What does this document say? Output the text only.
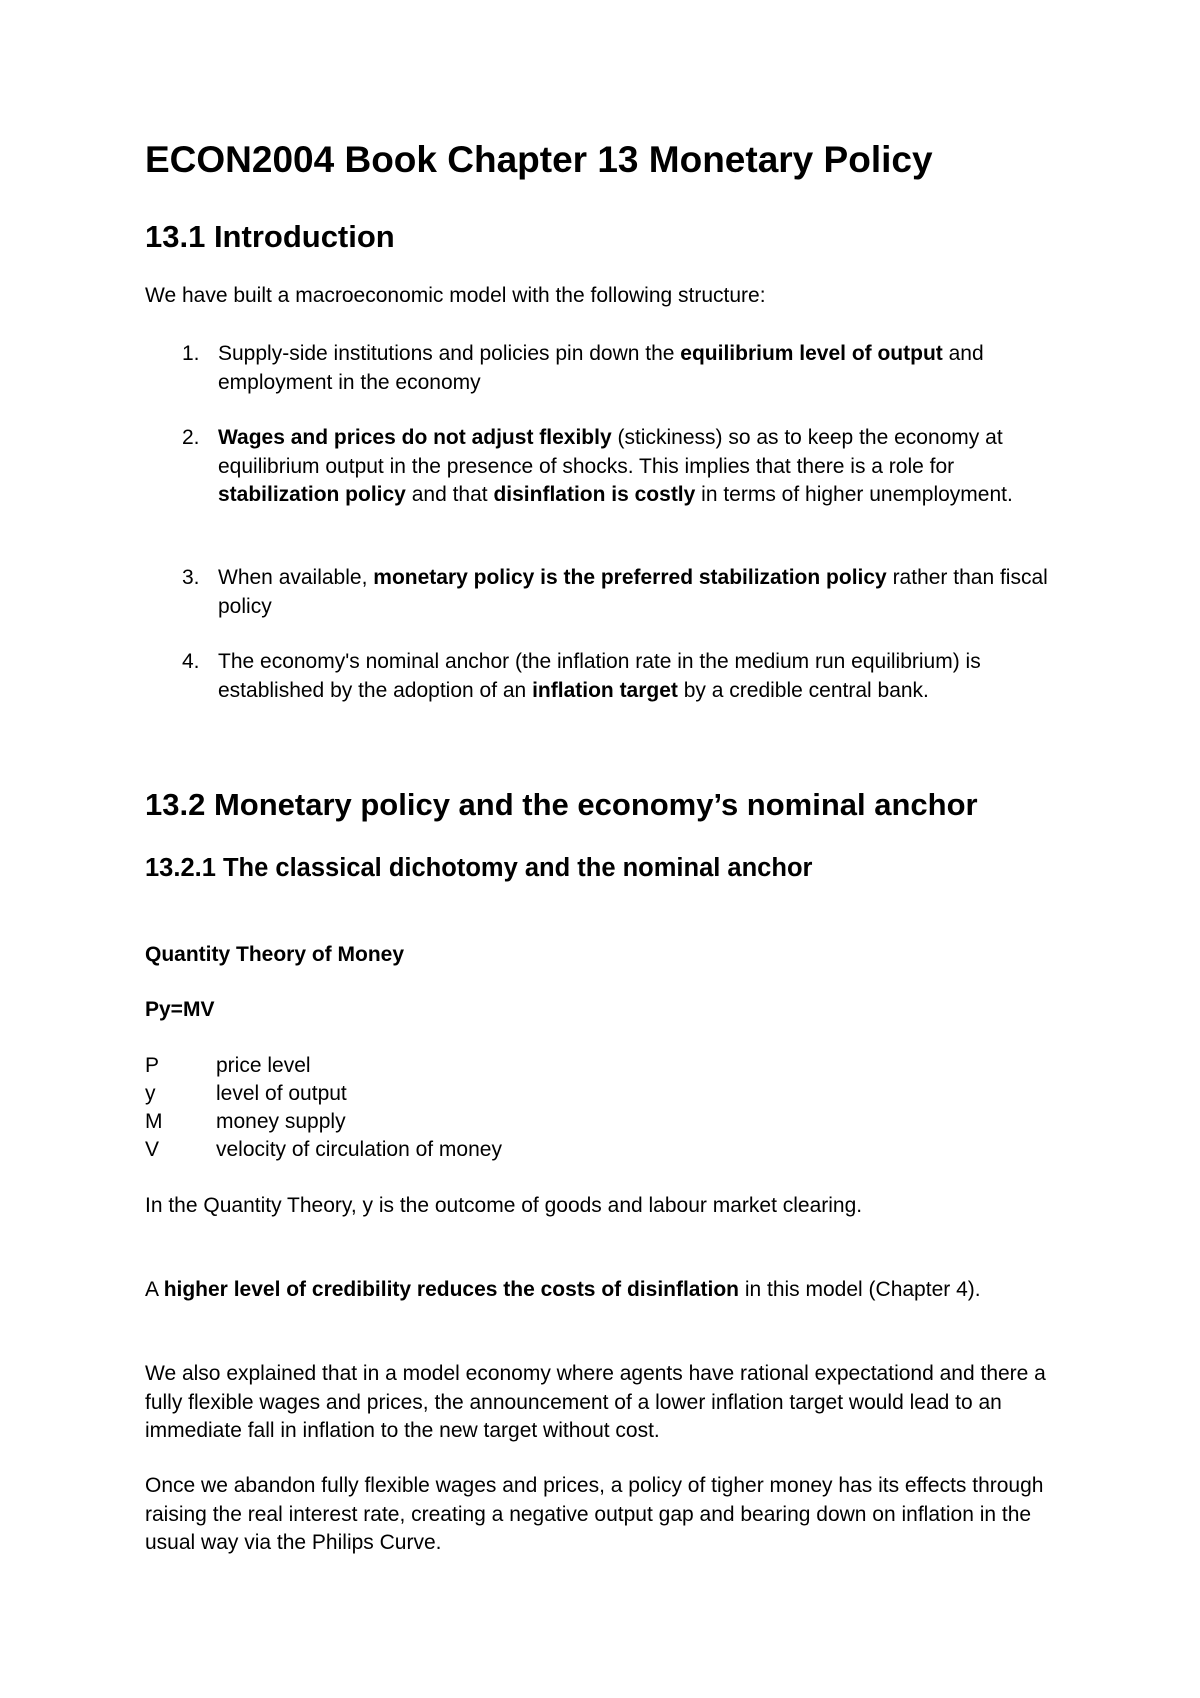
ECON2004 Book Chapter 13 Monetary Policy
13.1 Introduction

We have built a macroeconomic model with the following structure:

1. Supply-side institutions and policies pin down the equilibrium level of output and employment in the economy
2. Wages and prices do not adjust flexibly (stickiness) so as to keep the economy at equilibrium output in the presence of shocks. This implies that there is a role for stabilization policy and that disinflation is costly in terms of higher unemployment.
3. When available, monetary policy is the preferred stabilization policy rather than fiscal policy
4. The economy's nominal anchor (the inflation rate in the medium run equilibrium) is established by the adoption of an inflation target by a credible central bank.
13.2 Monetary policy and the economy’s nominal anchor
13.2.1 The classical dichotomy and the nominal anchor

Quantity Theory of Money

Py=MV

P	price level
y	level of output
M	money supply
V	velocity of circulation of money

In the Quantity Theory, y is the outcome of goods and labour market clearing.

A higher level of credibility reduces the costs of disinflation in this model (Chapter 4).

We also explained that in a model economy where agents have rational expectationd and there a fully flexible wages and prices, the announcement of a lower inflation target would lead to an immediate fall in inflation to the new target without cost.

Once we abandon fully flexible wages and prices, a policy of tigher money has its effects through raising the real interest rate, creating a negative output gap and bearing down on inflation in the usual way via the Philips Curve.
